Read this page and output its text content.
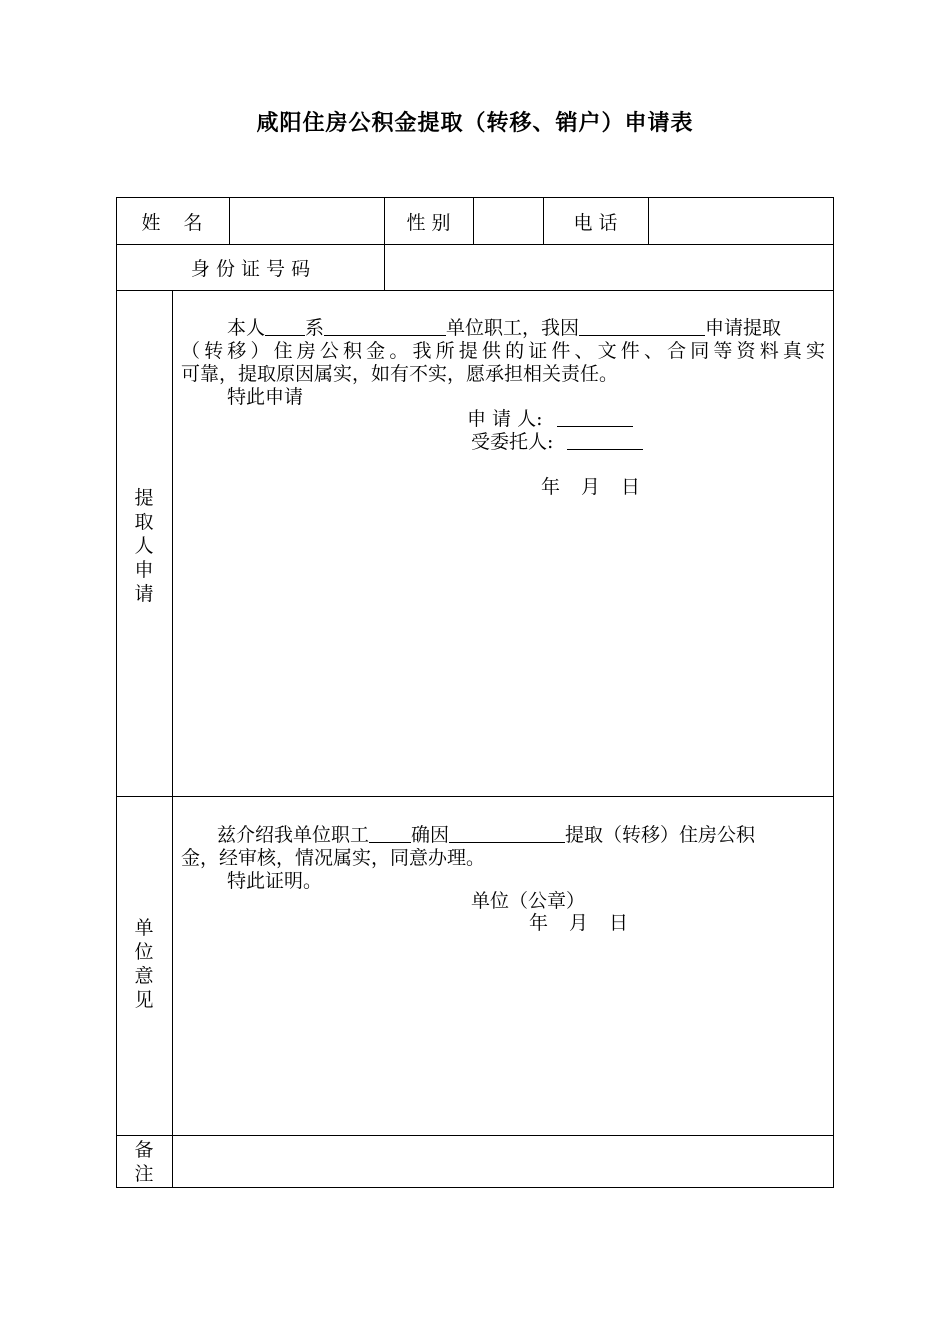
咸阳住房公积金提取（转移、销户）申请表
姓　名	性 别	电 话
身 份 证 号 码
提
取
人
申
请
本人 系	单位职工，我因	申请提取
（转移）住房公积金。我所提供的证件、文件、合同等资料真实
可靠，提取原因属实，如有不实，愿承担相关责任。
特此申请
申 请 人:
受委托人:
年　月　日
单
位
意
见
兹介绍我单位职工 确因	提取（转移）住房公积
金，经审核，情况属实，同意办理。
特此证明。
单位（公章）
年　月　日
备
注
